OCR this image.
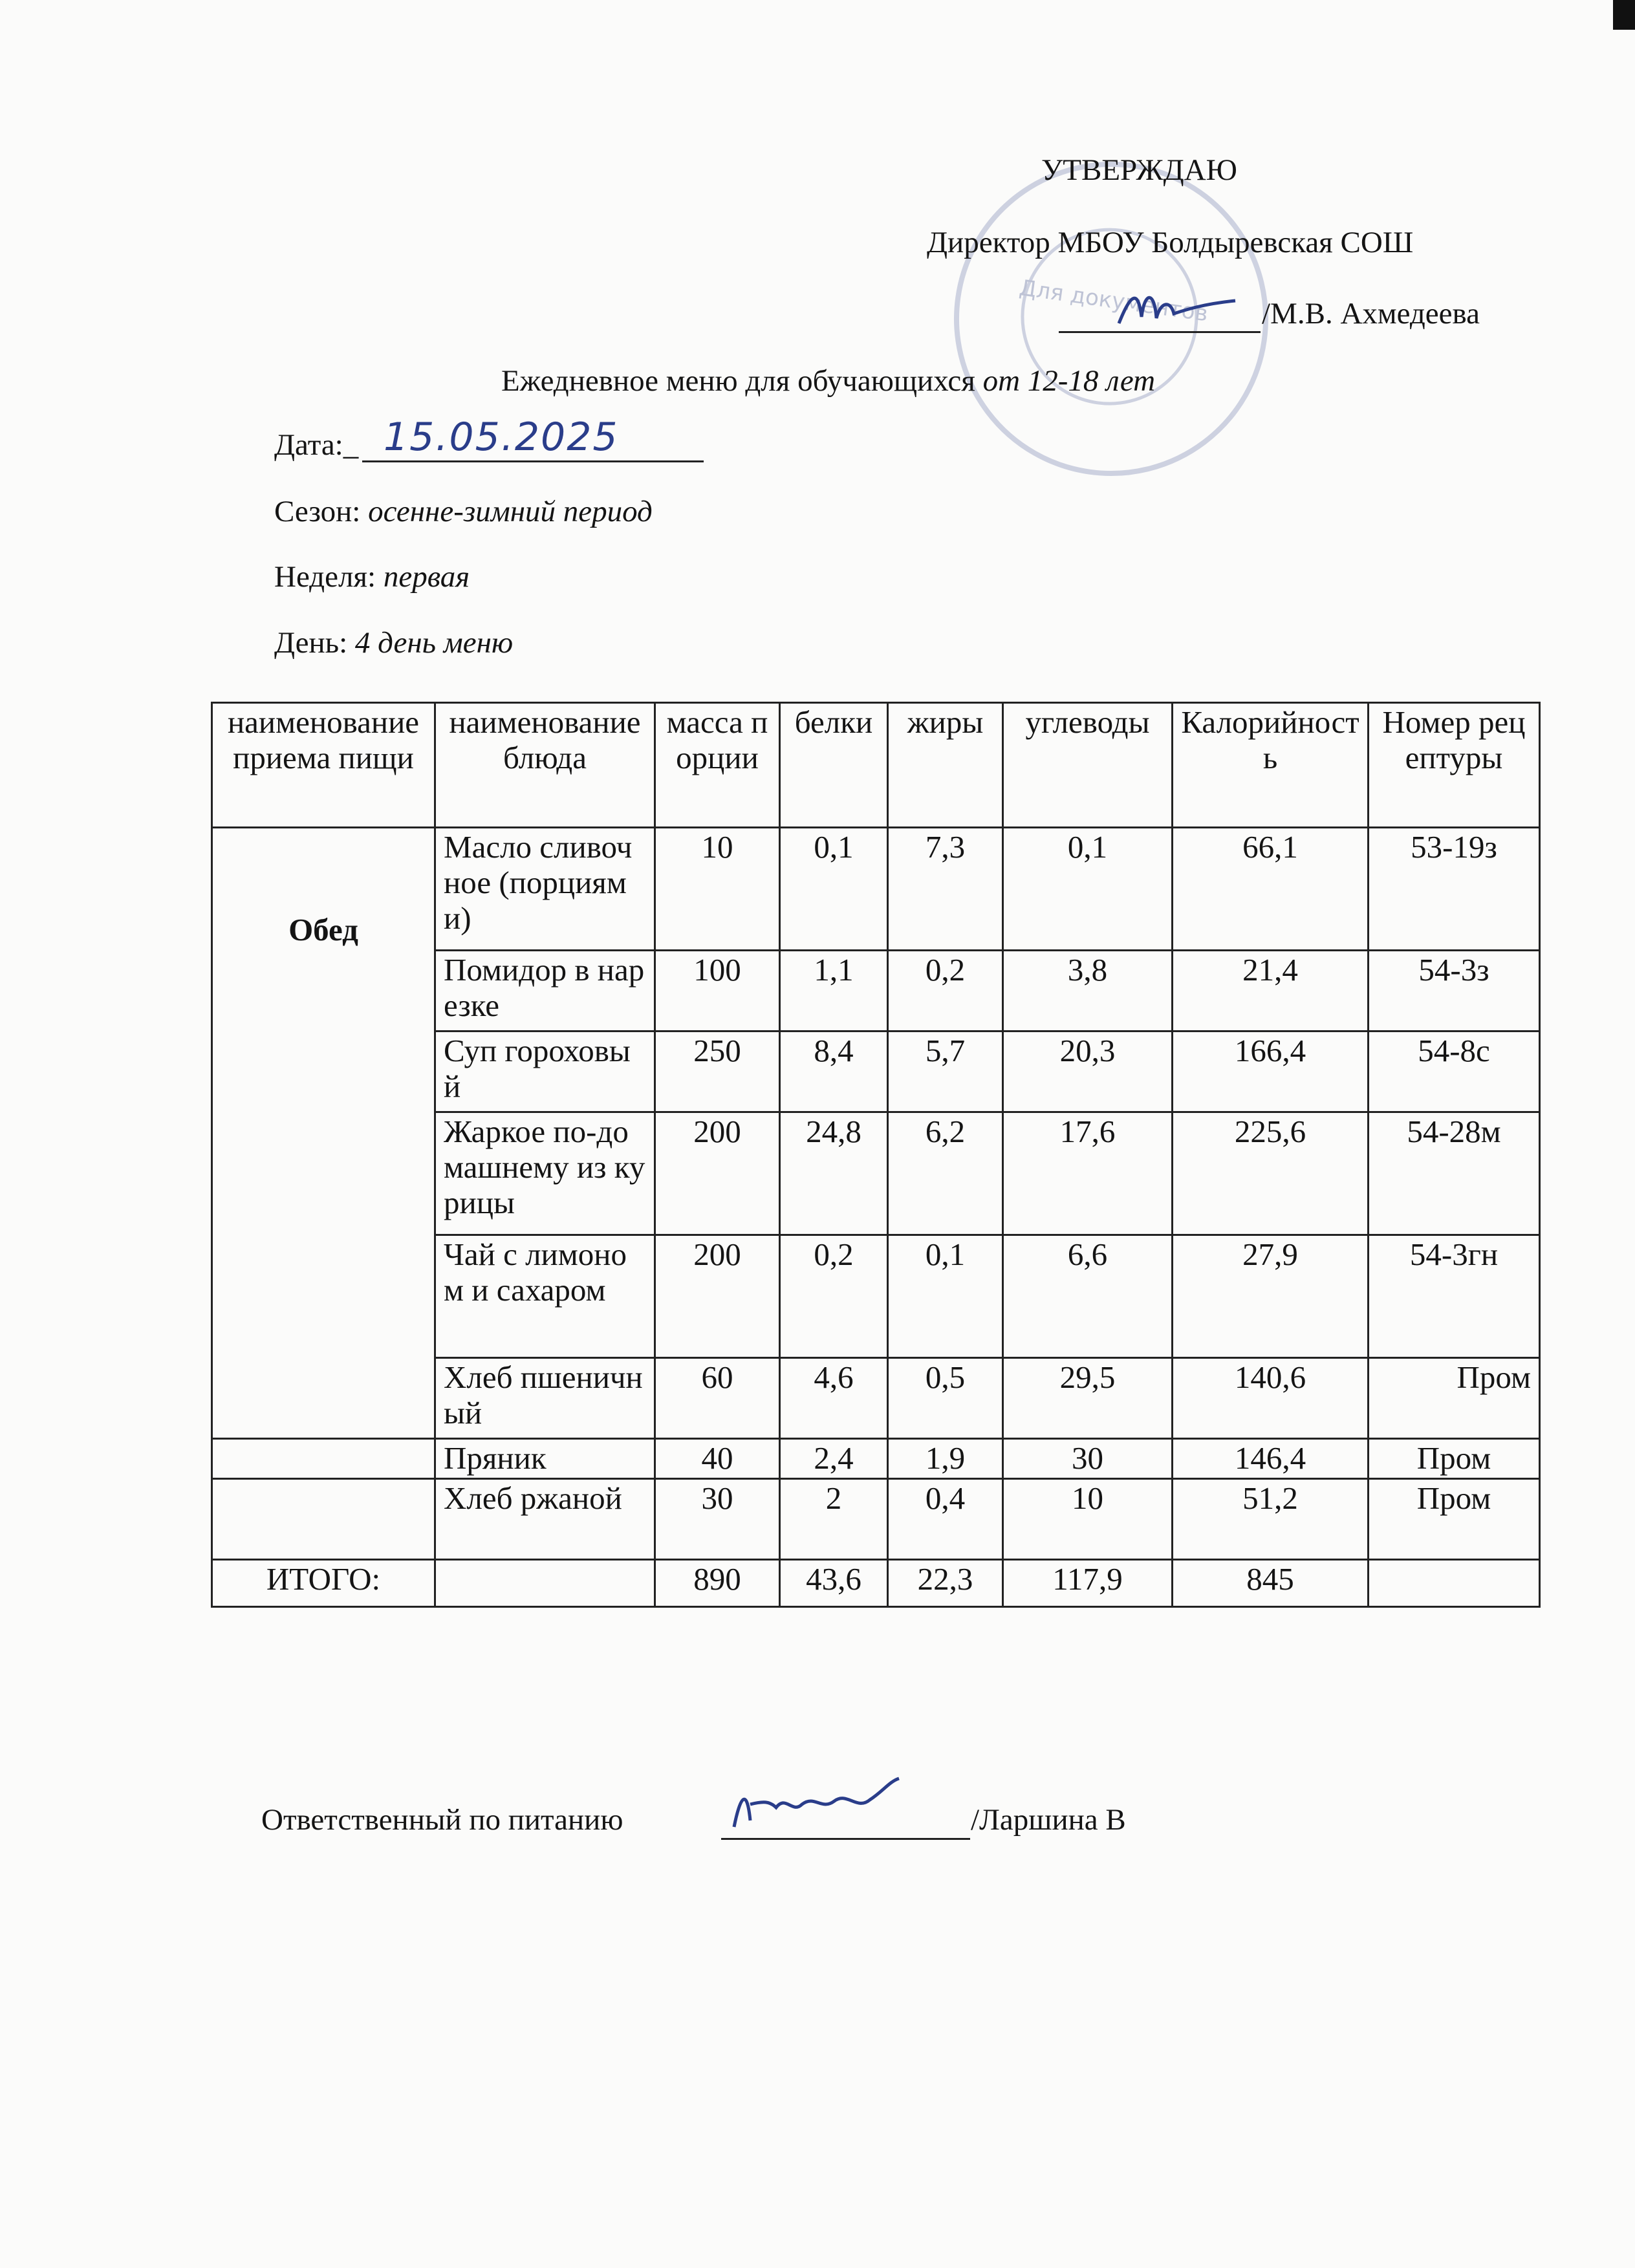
Для документов
УТВЕРЖДАЮ
Директор МБОУ Болдыревская СОШ
/М.В. Ахмедеева
Ежедневное меню для обучающихся от 12-18 лет
Дата:_ 15.05.2025
Сезон: осенне-зимний период
Неделя: первая
День: 4 день меню
наименование приема пищи	наименование блюда	масса порции	белки	жиры	углеводы	Калорийность	Номер рецептуры
Обед	Масло сливочное (порциями)	10	0,1	7,3	0,1	66,1	53-19з
	Помидор в нарезке	100	1,1	0,2	3,8	21,4	54-3з
	Суп гороховый	250	8,4	5,7	20,3	166,4	54-8с
	Жаркое по-домашнему из курицы	200	24,8	6,2	17,6	225,6	54-28м
	Чай с лимоном и сахаром	200	0,2	0,1	6,6	27,9	54-3гн
	Хлеб пшеничный	60	4,6	0,5	29,5	140,6	Пром
	Пряник	40	2,4	1,9	30	146,4	Пром
	Хлеб ржаной	30	2	0,4	10	51,2	Пром
ИТОГО:		890	43,6	22,3	117,9	845	
Ответственный по питанию	/Ларшина В
